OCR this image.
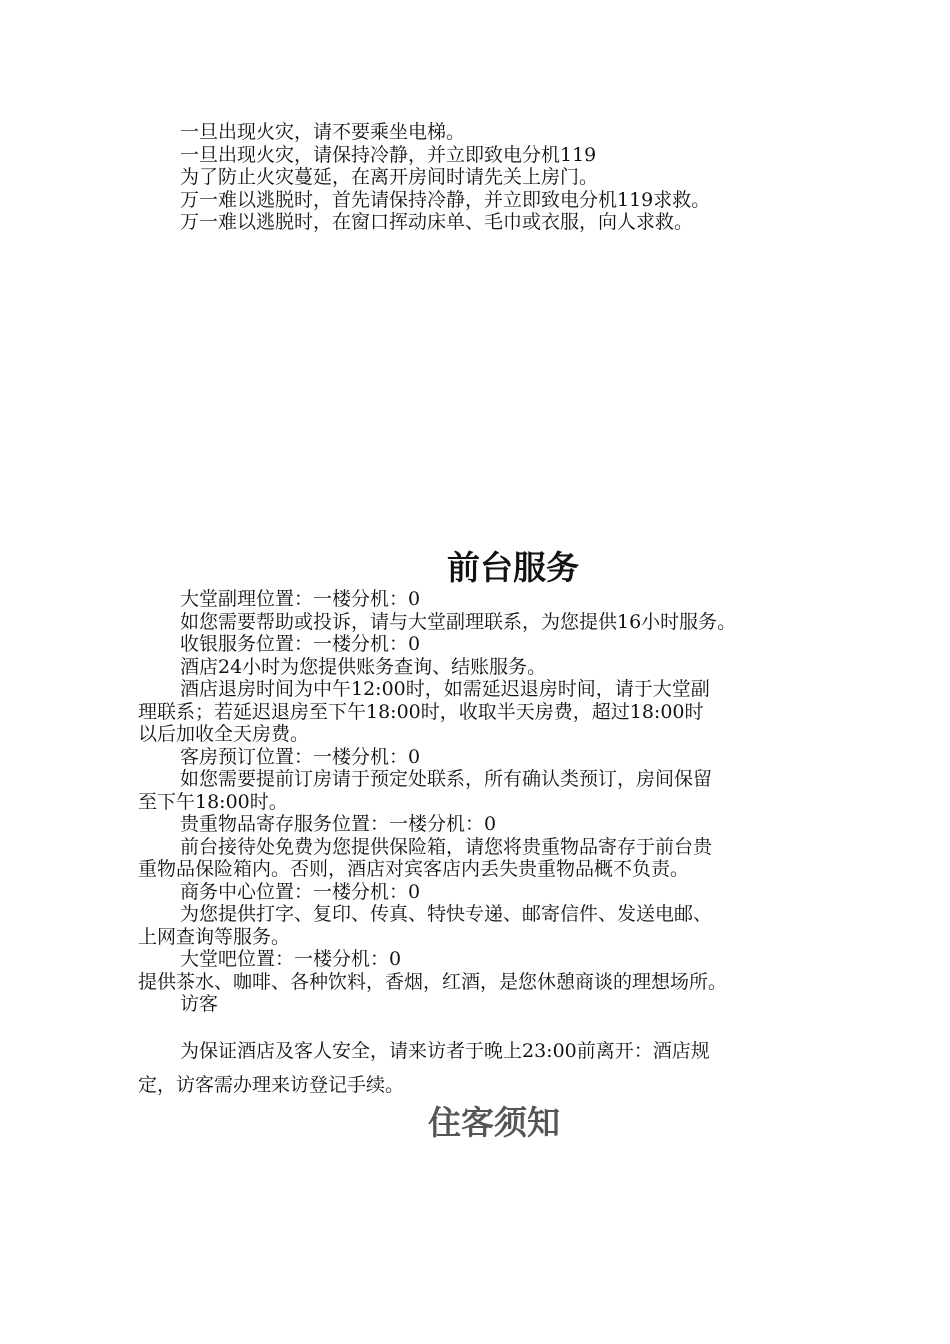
一旦出现火灾，请不要乘坐电梯。

一旦出现火灾，请保持冷静，并立即致电分机119

为了防止火灾蔓延，在离开房间时请先关上房门。

万一难以逃脱时，首先请保持冷静，并立即致电分机119求救。

万一难以逃脱时，在窗口挥动床单、毛巾或衣服，向人求救。

前台服务

大堂副理位置：一楼分机：0

如您需要帮助或投诉，请与大堂副理联系，为您提供16小时服务。

收银服务位置：一楼分机：0

酒店24小时为您提供账务查询、结账服务。

酒店退房时间为中午12:00时，如需延迟退房时间，请于大堂副

理联系；若延迟退房至下午18:00时，收取半天房费，超过18:00时

以后加收全天房费。

客房预订位置：一楼分机：0

如您需要提前订房请于预定处联系，所有确认类预订，房间保留

至下午18:00时。

贵重物品寄存服务位置：一楼分机：0

前台接待处免费为您提供保险箱，请您将贵重物品寄存于前台贵

重物品保险箱内。否则，酒店对宾客店内丢失贵重物品概不负责。

商务中心位置：一楼分机：0

为您提供打字、复印、传真、特快专递、邮寄信件、发送电邮、

上网查询等服务。

大堂吧位置：一楼分机：0

提供茶水、咖啡、各种饮料，香烟，红酒，是您休憩商谈的理想场所。

访客

为保证酒店及客人安全，请来访者于晚上23:00前离开：酒店规

定，访客需办理来访登记手续。

住客须知
